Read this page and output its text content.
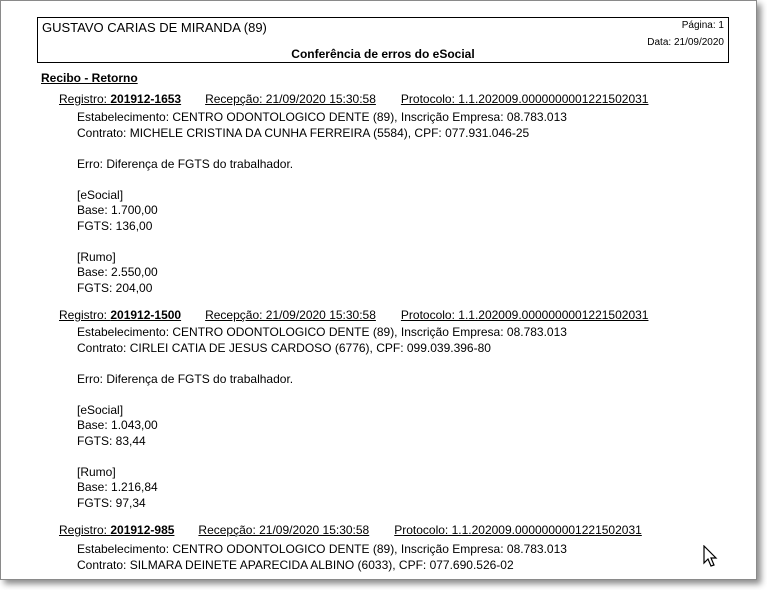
GUSTAVO CARIAS DE MIRANDA (89)	Página: 1
Data: 21/09/2020
Conferência de erros do eSocial
Recibo - Retorno
Registro: 201912-1653 Recepção: 21/09/2020 15:30:58 Protocolo: 1.1.202009.0000000001221502031
Estabelecimento: CENTRO ODONTOLOGICO DENTE (89), Inscrição Empresa: 08.783.013
Contrato: MICHELE CRISTINA DA CUNHA FERREIRA (5584), CPF: 077.931.046-25
Erro: Diferença de FGTS do trabalhador.
[eSocial]
Base: 1.700,00
FGTS: 136,00
[Rumo]
Base: 2.550,00
FGTS: 204,00
Registro: 201912-1500 Recepção: 21/09/2020 15:30:58 Protocolo: 1.1.202009.0000000001221502031
Estabelecimento: CENTRO ODONTOLOGICO DENTE (89), Inscrição Empresa: 08.783.013
Contrato: CIRLEI CATIA DE JESUS CARDOSO (6776), CPF: 099.039.396-80
Erro: Diferença de FGTS do trabalhador.
[eSocial]
Base: 1.043,00
FGTS: 83,44
[Rumo]
Base: 1.216,84
FGTS: 97,34
Registro: 201912-985 Recepção: 21/09/2020 15:30:58 Protocolo: 1.1.202009.0000000001221502031
Estabelecimento: CENTRO ODONTOLOGICO DENTE (89), Inscrição Empresa: 08.783.013
Contrato: SILMARA DEINETE APARECIDA ALBINO (6033), CPF: 077.690.526-02
